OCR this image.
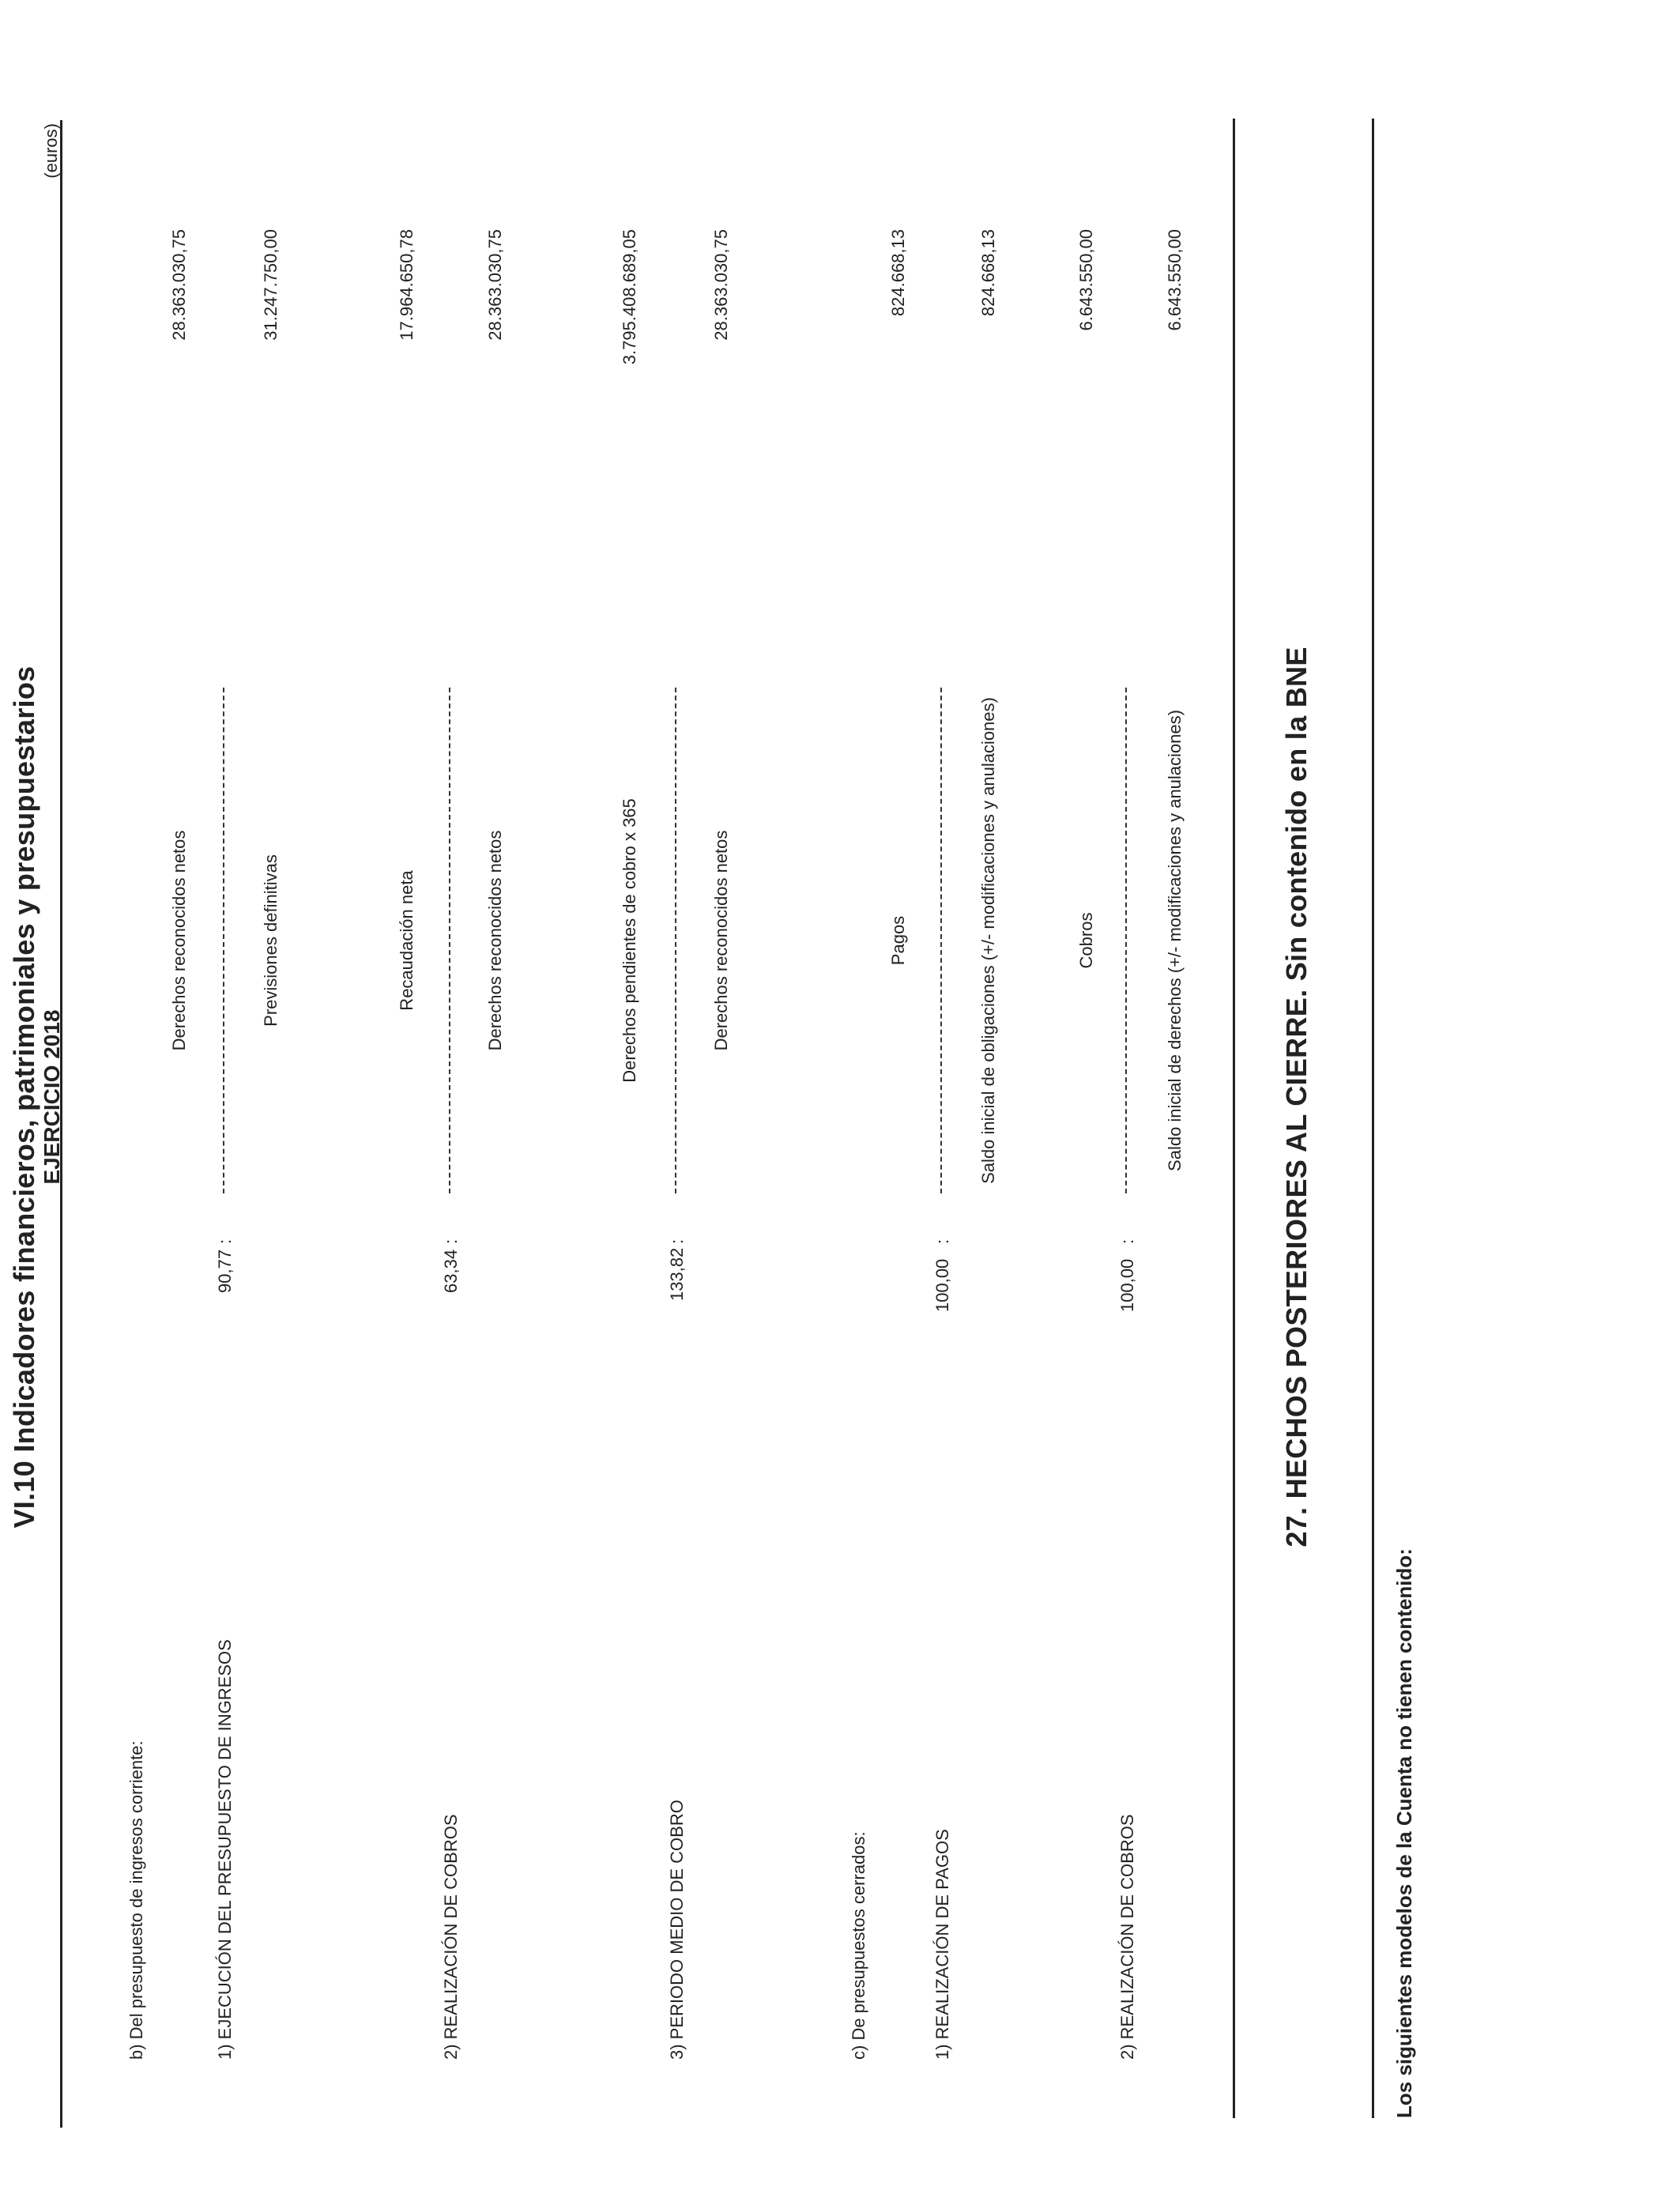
VI.10 Indicadores financieros, patrimoniales y presupuestarios EJERCICIO 2018
(euros)
b) Del presupuesto de ingresos corriente:	1) EJECUCIÓN DEL PRESUPUESTO DE INGRESOS
90,77
:
Derechos reconocidos netos	Previsiones definitivas
28.363.030,75	31.247.750,00
2) REALIZACIÓN DE COBROS
63,34
:
Recaudación neta	Derechos reconocidos netos
17.964.650,78	28.363.030,75
3) PERIODO MEDIO DE COBRO
133,82
:
Derechos pendientes de cobro x 365	Derechos reconocidos netos
3.795.408.689,05	28.363.030,75
c) De presupuestos cerrados:	1) REALIZACIÓN DE PAGOS
100,00
:
Pagos	Saldo inicial de obligaciones (+/- modificaciones y anulaciones)
824.668,13	824.668,13
2) REALIZACIÓN DE COBROS
100,00
:
Cobros	Saldo inicial de derechos (+/- modificaciones y anulaciones)
6.643.550,00	6.643.550,00
27. HECHOS POSTERIORES AL CIERRE. Sin contenido en la BNE
Los siguientes modelos de la Cuenta no tienen contenido:
